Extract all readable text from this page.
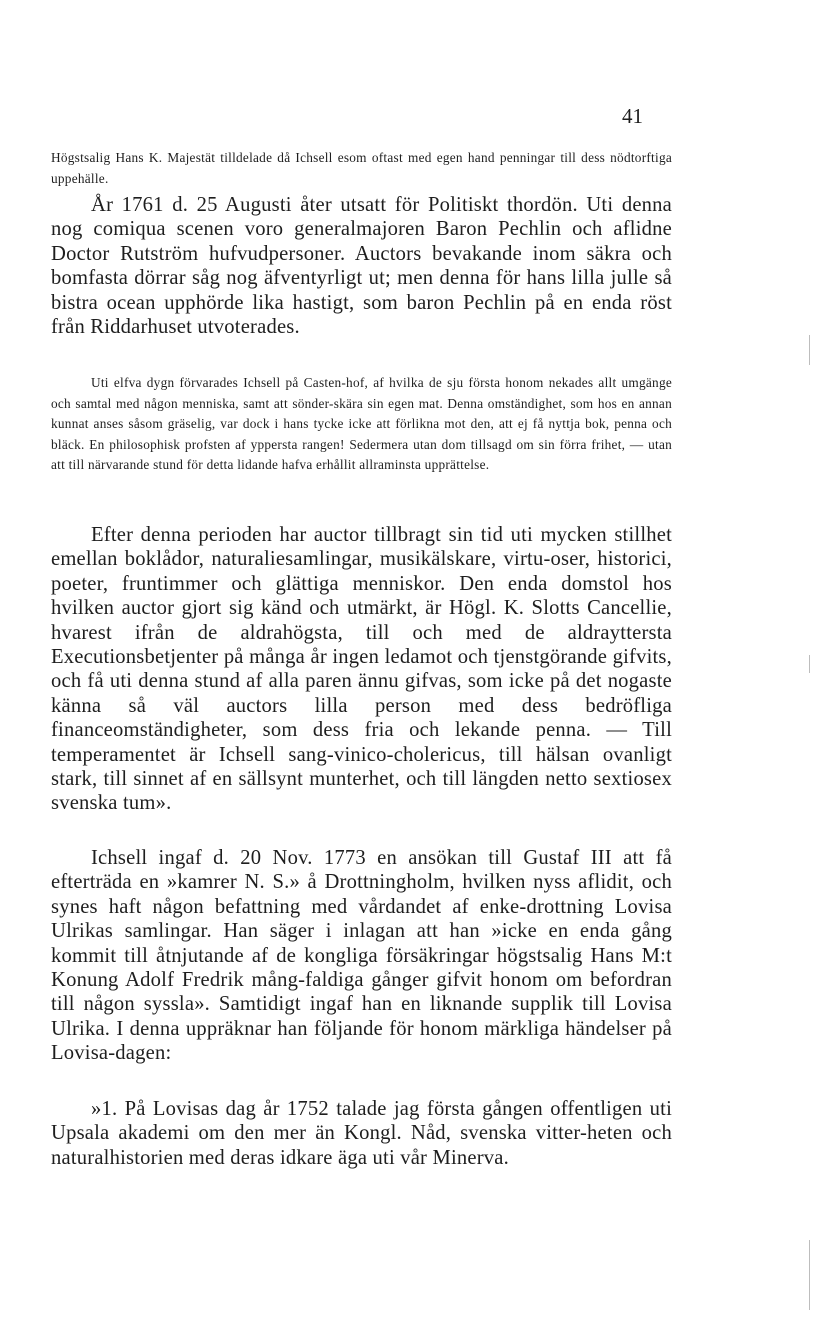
41

Högstsalig Hans K. Majestät tilldelade då Ichsell esom oftast med egen hand penningar till dess nödtorftiga uppehälle.

År 1761 d. 25 Augusti åter utsatt för Politiskt thordön. Uti denna nog comiqua scenen voro generalmajoren Baron Pechlin och aflidne Doctor Rutström hufvudpersoner. Auctors bevakande inom säkra och bomfasta dörrar såg nog äfventyrligt ut; men denna för hans lilla julle så bistra ocean upphörde lika hastigt, som baron Pechlin på en enda röst från Riddarhuset utvoterades.

Uti elfva dygn förvarades Ichsell på Casten-hof, af hvilka de sju första honom nekades allt umgänge och samtal med någon menniska, samt att sönder-skära sin egen mat. Denna omständighet, som hos en annan kunnat anses såsom gräselig, var dock i hans tycke icke att förlikna mot den, att ej få nyttja bok, penna och bläck. En philosophisk profsten af yppersta rangen! Sedermera utan dom tillsagd om sin förra frihet, — utan att till närvarande stund för detta lidande hafva erhållit allraminsta upprättelse.

Efter denna perioden har auctor tillbragt sin tid uti mycken stillhet emellan boklådor, naturaliesamlingar, musikälskare, virtu-oser, historici, poeter, fruntimmer och glättiga menniskor. Den enda domstol hos hvilken auctor gjort sig känd och utmärkt, är Högl. K. Slotts Cancellie, hvarest ifrån de aldrahögsta, till och med de aldrayttersta Executionsbetjenter på många år ingen ledamot och tjenstgörande gifvits, och få uti denna stund af alla paren ännu gifvas, som icke på det nogaste känna så väl auctors lilla person med dess bedröfliga financeomständigheter, som dess fria och lekande penna. — Till temperamentet är Ichsell sang-vinico-cholericus, till hälsan ovanligt stark, till sinnet af en sällsynt munterhet, och till längden netto sextiosex svenska tum».

Ichsell ingaf d. 20 Nov. 1773 en ansökan till Gustaf III att få efterträda en »kamrer N. S.» å Drottningholm, hvilken nyss aflidit, och synes haft någon befattning med vårdandet af enke-drottning Lovisa Ulrikas samlingar. Han säger i inlagan att han »icke en enda gång kommit till åtnjutande af de kongliga försäkringar högstsalig Hans M:t Konung Adolf Fredrik mång-faldiga gånger gifvit honom om befordran till någon syssla». Samtidigt ingaf han en liknande supplik till Lovisa Ulrika. I denna uppräknar han följande för honom märkliga händelser på Lovisa-dagen:

»1. På Lovisas dag år 1752 talade jag första gången offentligen uti Upsala akademi om den mer än Kongl. Nåd, svenska vitter-heten och naturalhistorien med deras idkare äga uti vår Minerva.
